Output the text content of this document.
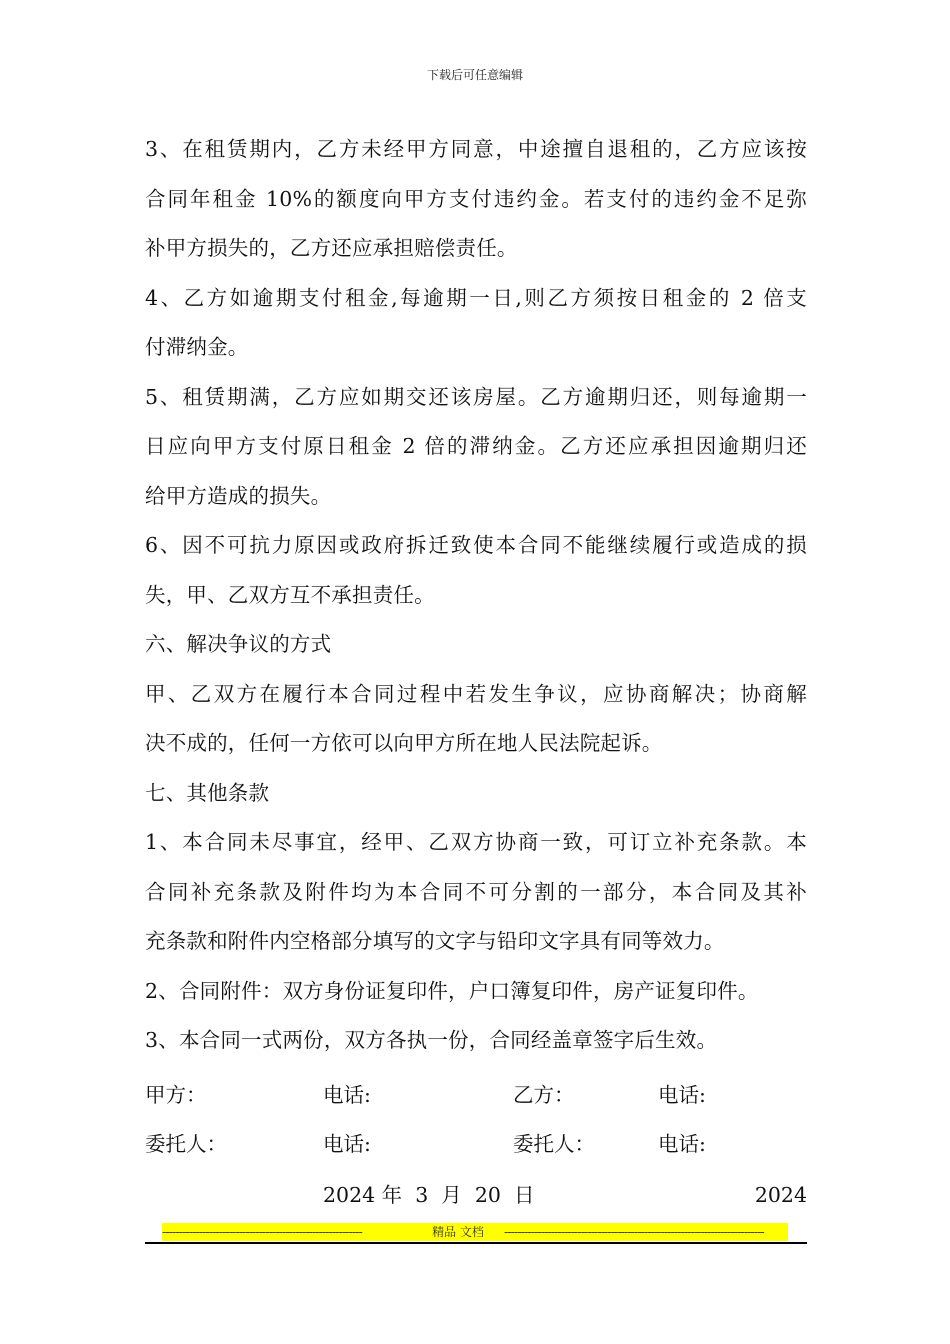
下载后可任意编辑
3、在租赁期内，乙方未经甲方同意，中途擅自退租的，乙方应该按
合同年租金 10%的额度向甲方支付违约金。若支付的违约金不足弥
补甲方损失的，乙方还应承担赔偿责任。
4、乙方如逾期支付租金,每逾期一日,则乙方须按日租金的 2 倍支
付滞纳金。
5、租赁期满，乙方应如期交还该房屋。乙方逾期归还，则每逾期一
日应向甲方支付原日租金 2 倍的滞纳金。乙方还应承担因逾期归还
给甲方造成的损失。
6、因不可抗力原因或政府拆迁致使本合同不能继续履行或造成的损
失，甲、乙双方互不承担责任。
六、解决争议的方式
甲、乙双方在履行本合同过程中若发生争议，应协商解决；协商解
决不成的，任何一方依可以向甲方所在地人民法院起诉。
七、其他条款
1、本合同未尽事宜，经甲、乙双方协商一致，可订立补充条款。本
合同补充条款及附件均为本合同不可分割的一部分，本合同及其补
充条款和附件内空格部分填写的文字与铅印文字具有同等效力。
2、合同附件：双方身份证复印件，户口簿复印件，房产证复印件。
3、本合同一式两份，双方各执一份，合同经盖章签字后生效。
甲方：	电话:	乙方：	电话:
委托人：	电话:	委托人：	电话:
2024 年  3  月  20  日	2024
------------------------------------------------------------	精品 文档	------------------------------------------------------------------------------
